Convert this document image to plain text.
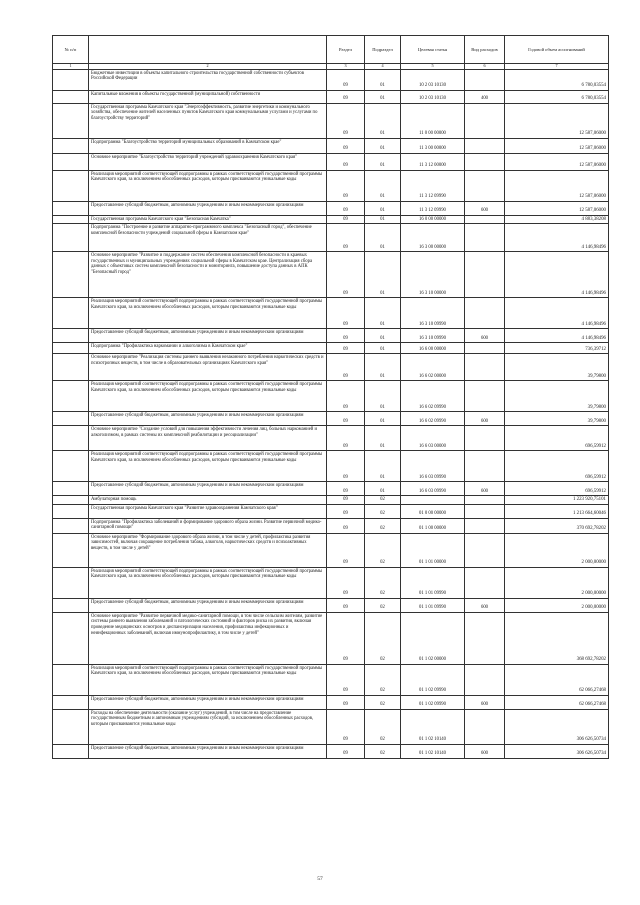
№ п/п		Раздел	Подраздел	Целевая статья	Вид расходов	Годовой объем ассигнований
1	2	3	4	5	6	7
	Бюджетные инвестиции в объекты капитального строительства государственной собственности субъектов Российской Федерации	09	01	10 2 03 10130		6 780,03554
	Капитальные вложения в объекты государственной (муниципальной) собственности	09	01	10 2 03 10130	400	6 780,03554
	Государственная программа Камчатского края "Энергоэффективность, развитие энергетики и коммунального хозяйства, обеспечение жителей населенных пунктов Камчатского края коммунальными услугами и услугами по благоустройству территорий"	09	01	11 0 00 00000		12 587,06000
	Подпрограмма "Благоустройство территорий муниципальных образований в Камчатском крае"	09	01	11 3 00 00000		12 587,06000
	Основное мероприятие "Благоустройство территорий учреждений здравоохранения Камчатского края"	09	01	11 3 12 00000		12 587,06000
	Реализация мероприятий соответствующей подпрограммы в рамках соответствующей государственной программы Камчатского края, за исключением обособленных расходов, которым присваиваются уникальные коды	09	01	11 3 12 09990		12 587,06000
	Предоставление субсидий бюджетным, автономным учреждениям и иным некоммерческим организациям	09	01	11 3 12 09990	600	12 587,06000
	Государственная программа Камчатского края "Безопасная Камчатка"	09	01	16 0 00 00000		4 883,38208
	Подпрограмма "Построение и развитие аппаратно-программного комплекса "Безопасный город", обеспечение комплексной безопасности учреждений социальной сферы в Камчатском крае"	09	01	16 3 00 00000		4 146,98496
	Основное мероприятие "Развитие и поддержание систем обеспечения комплексной безопасности в краевых государственных и муниципальных учреждениях социальной сферы в Камчатском крае. Централизация сбора данных с объектовых систем комплексной безопасности и мониторинга, повышение доступа данных в АПК "Безопасный город"	09	01	16 3 10 00000		4 146,98496
	Реализация мероприятий соответствующей подпрограммы в рамках соответствующей государственной программы Камчатского края, за исключением обособленных расходов, которым присваиваются уникальные коды	09	01	16 3 10 09990		4 146,98496
	Предоставление субсидий бюджетным, автономным учреждениям и иным некоммерческим организациям	09	01	16 3 10 09990	600	4 146,98496
	Подпрограмма "Профилактика наркомании и алкоголизма в Камчатском крае"	09	01	16 6 00 00000		736,39712
	Основное мероприятие "Реализация системы раннего выявления незаконного потребления наркотических средств и психотропных веществ, в том числе в образовательных организациях Камчатского края"	09	01	16 6 02 00000		39,79800
	Реализация мероприятий соответствующей подпрограммы в рамках соответствующей государственной программы Камчатского края, за исключением обособленных расходов, которым присваиваются уникальные коды	09	01	16 6 02 09990		39,79800
	Предоставление субсидий бюджетным, автономным учреждениям и иным некоммерческим организациям	09	01	16 6 02 09990	600	39,79800
	Основное мероприятие "Создание условий для повышения эффективности лечения лиц, больных наркоманией и алкоголизмом, в рамках системы их комплексной реабилитации и ресоциализации"	09	01	16 6 03 00000		696,59912
	Реализация мероприятий соответствующей подпрограммы в рамках соответствующей государственной программы Камчатского края, за исключением обособленных расходов, которым присваиваются уникальные коды	09	01	16 6 03 09990		696,59912
	Предоставление субсидий бюджетным, автономным учреждениям и иным некоммерческим организациям	09	01	16 6 03 09990	600	696,59912
	Амбулаторная помощь	09	02			1 223 920,75101
	Государственная программа Камчатского края "Развитие здравоохранения Камчатского края"	09	02	01 0 00 00000		1 213 664,60046
	Подпрограмма "Профилактика заболеваний и формирование здорового образа жизни. Развитие первичной медико-санитарной помощи"	09	02	01 1 00 00000		370 692,78202
	Основное мероприятие "Формирование здорового образа жизни, в том числе у детей, профилактика развития зависимостей, включая сокращение потребления табака, алкоголя, наркотических средств и психоактивных веществ, в том числе у детей"	09	02	01 1 01 00000		2 000,00000
	Реализация мероприятий соответствующей подпрограммы в рамках соответствующей государственной программы Камчатского края, за исключением обособленных расходов, которым присваиваются уникальные коды	09	02	01 1 01 09990		2 000,00000
	Предоставление субсидий бюджетным, автономным учреждениям и иным некоммерческим организациям	09	02	01 1 01 09990	600	2 000,00000
	Основное мероприятие "Развитие первичной медико-санитарной помощи, в том числе сельским жителям, развитие системы раннего выявления заболеваний и патологических состояний и факторов риска их развития, включая проведение медицинских осмотров и диспансеризации населения, профилактика инфекционных и неинфекционных заболеваний, включая иммунопрофилактику, в том числе у детей"	09	02	01 1 02 00000		368 692,78202
	Реализация мероприятий соответствующей подпрограммы в рамках соответствующей государственной программы Камчатского края, за исключением обособленных расходов, которым присваиваются уникальные коды	09	02	01 1 02 09990		62 066,27468
	Предоставление субсидий бюджетным, автономным учреждениям и иным некоммерческим организациям	09	02	01 1 02 09990	600	62 066,27468
	Расходы на обеспечение деятельности (оказание услуг) учреждений, в том числе на предоставление государственным бюджетным и автономным учреждениям субсидий, за исключением обособленных расходов, которым присваиваются уникальные коды	09	02	01 1 02 10140		306 626,50734
	Предоставление субсидий бюджетным, автономным учреждениям и иным некоммерческим организациям	09	02	01 1 02 10140	600	306 626,50734
57
